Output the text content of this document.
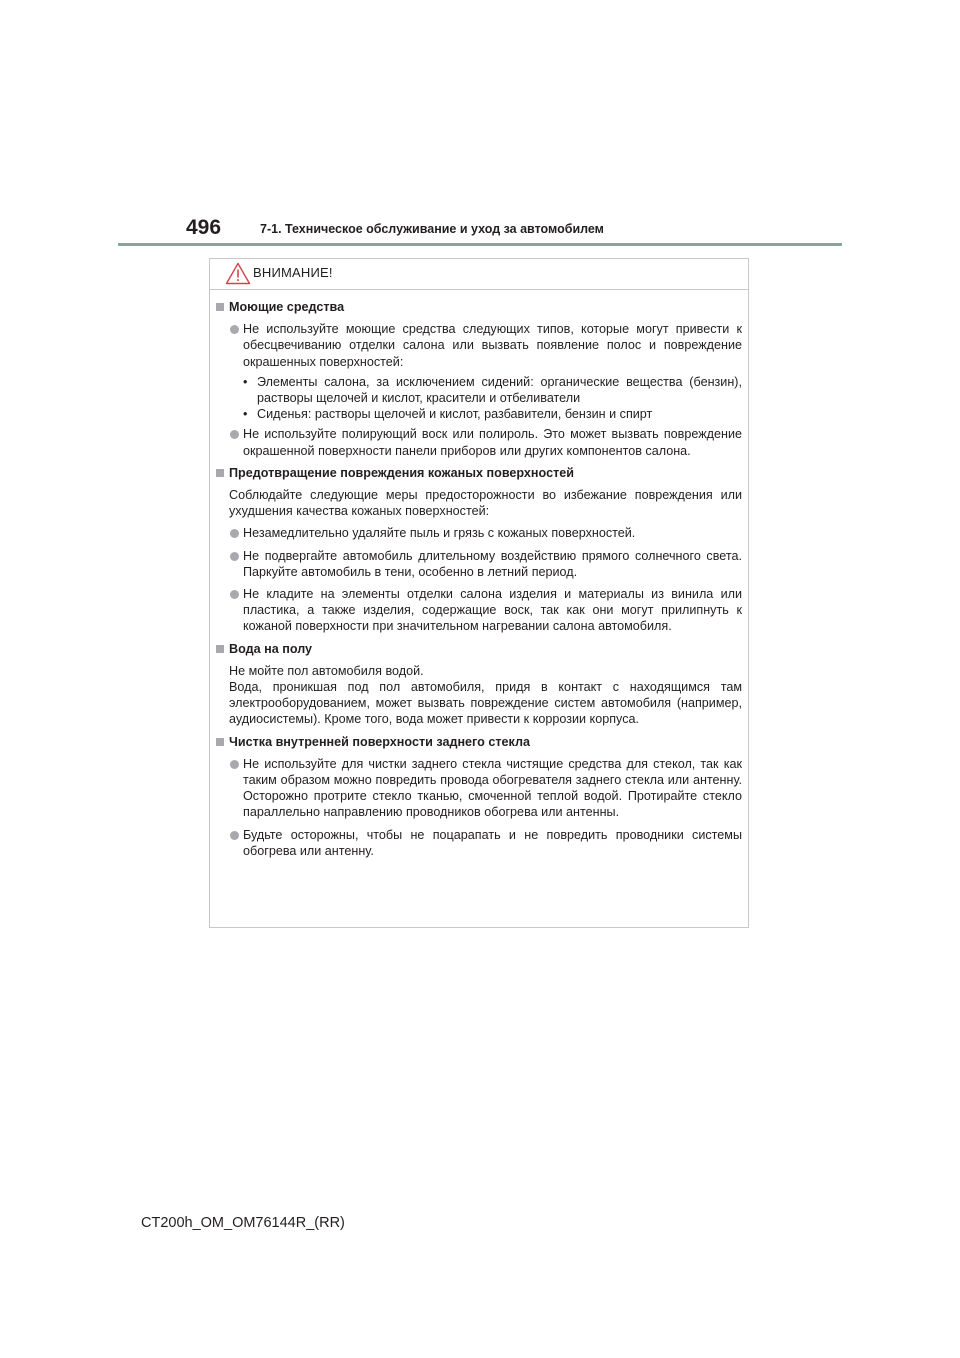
496	7-1. Техническое обслуживание и уход за автомобилем
ВНИМАНИЕ!
Моющие средства
Не используйте моющие средства следующих типов, которые могут привести к обесцвечиванию отделки салона или вызвать появление полос и повреждение окрашенных поверхностей:
• Элементы салона, за исключением сидений: органические вещества (бензин), растворы щелочей и кислот, красители и отбеливатели
• Сиденья: растворы щелочей и кислот, разбавители, бензин и спирт
Не используйте полирующий воск или полироль. Это может вызвать повреждение окрашенной поверхности панели приборов или других компонентов салона.
Предотвращение повреждения кожаных поверхностей
Соблюдайте следующие меры предосторожности во избежание повреждения или ухудшения качества кожаных поверхностей:
Незамедлительно удаляйте пыль и грязь с кожаных поверхностей.
Не подвергайте автомобиль длительному воздействию прямого солнечного света. Паркуйте автомобиль в тени, особенно в летний период.
Не кладите на элементы отделки салона изделия и материалы из винила или пластика, а также изделия, содержащие воск, так как они могут прилипнуть к кожаной поверхности при значительном нагревании салона автомобиля.
Вода на полу
Не мойте пол автомобиля водой.
Вода, проникшая под пол автомобиля, придя в контакт с находящимся там электрооборудованием, может вызвать повреждение систем автомобиля (например, аудиосистемы). Кроме того, вода может привести к коррозии корпуса.
Чистка внутренней поверхности заднего стекла
Не используйте для чистки заднего стекла чистящие средства для стекол, так как таким образом можно повредить провода обогревателя заднего стекла или антенну. Осторожно протрите стекло тканью, смоченной теплой водой. Протирайте стекло параллельно направлению проводников обогрева или антенны.
Будьте осторожны, чтобы не поцарапать и не повредить проводники системы обогрева или антенну.
CT200h_OM_OM76144R_(RR)
